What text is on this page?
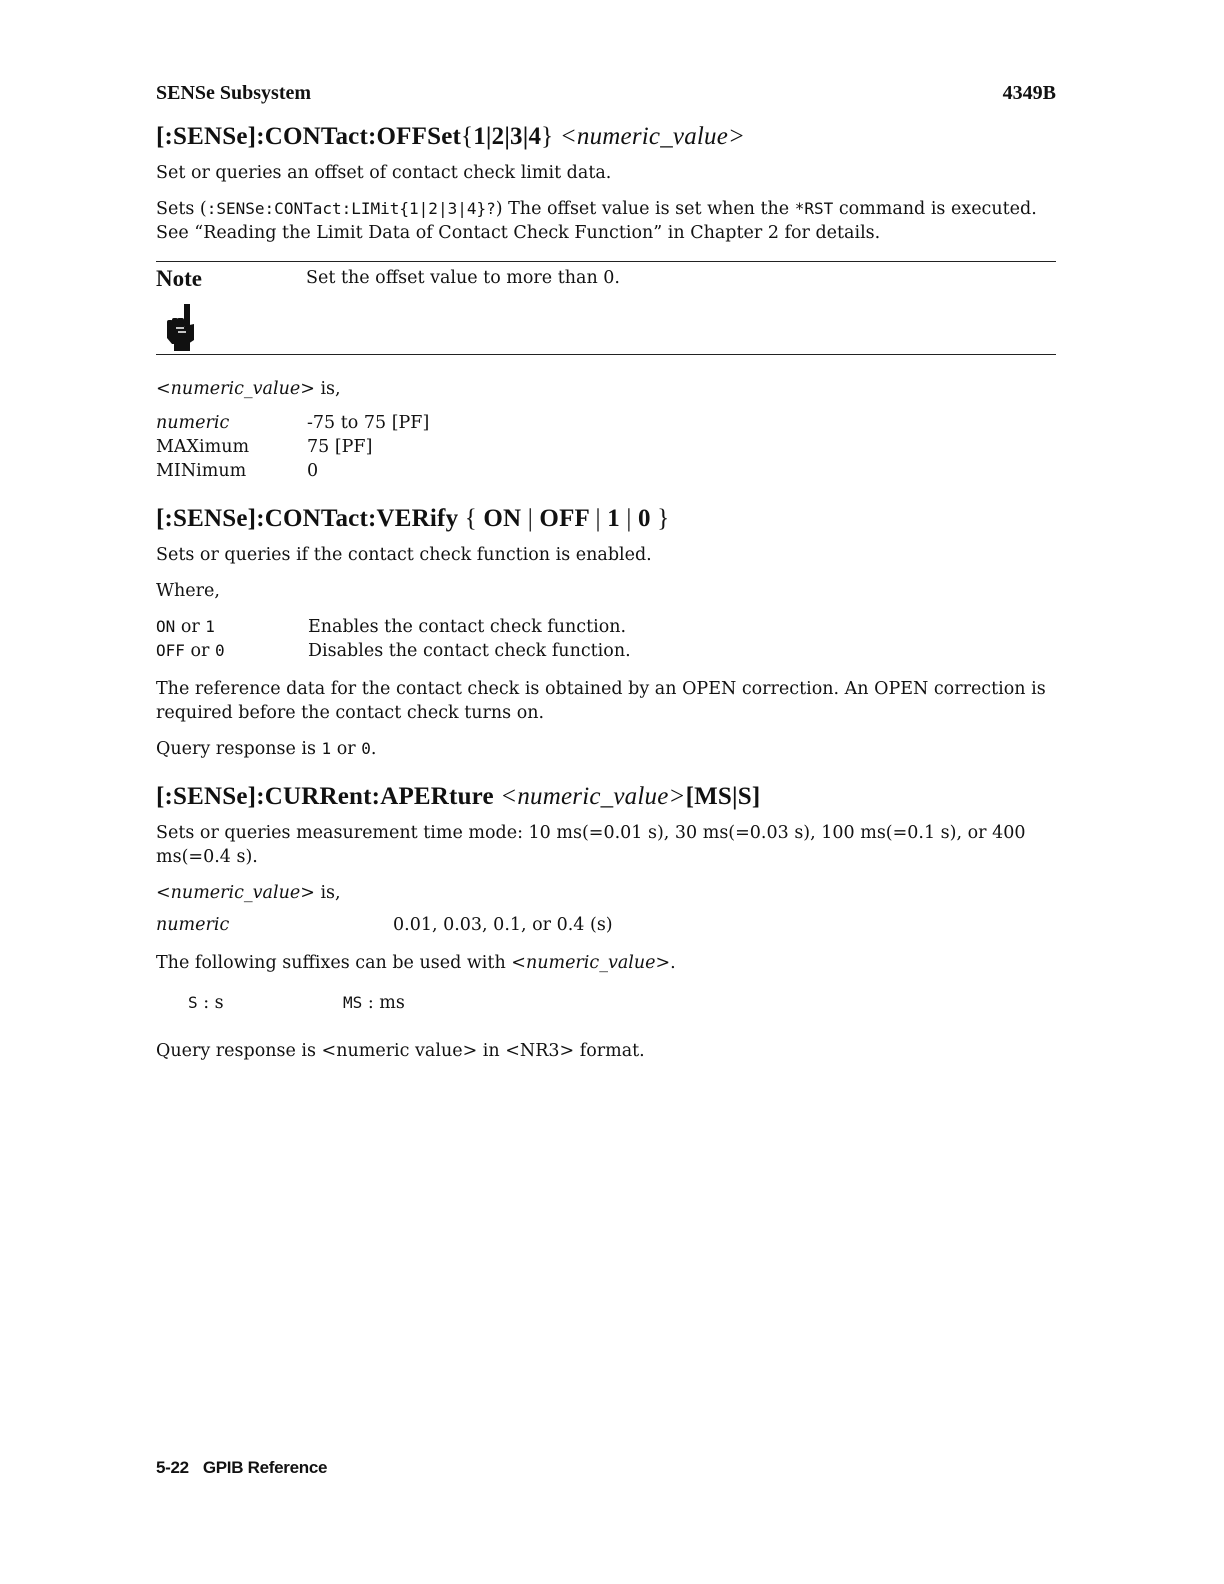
SENSe Subsystem	4349B
[:SENSe]:CONTact:OFFSet{1|2|3|4} <numeric_value>

Set or queries an offset of contact check limit data.

Sets (:SENSe:CONTact:LIMit{1|2|3|4}?) The offset value is set when the *RST command is executed. See “Reading the Limit Data of Contact Check Function” in Chapter 2 for details.

Note	Set the offset value to more than 0.

<numeric_value> is,

numeric	-75 to 75 [PF]
MAXimum	75 [PF]
MINimum	0
[:SENSe]:CONTact:VERify { ON | OFF | 1 | 0 }

Sets or queries if the contact check function is enabled.

Where,

ON or 1	Enables the contact check function.
OFF or 0	Disables the contact check function.

The reference data for the contact check is obtained by an OPEN correction. An OPEN correction is required before the contact check turns on.

Query response is 1 or 0.

[:SENSe]:CURRent:APERture <numeric_value>[MS|S]

Sets or queries measurement time mode: 10 ms(=0.01 s), 30 ms(=0.03 s), 100 ms(=0.1 s), or 400 ms(=0.4 s).

<numeric_value> is,

numeric	0.01, 0.03, 0.1, or 0.4 (s)

The following suffixes can be used with <numeric_value>.

S : s	MS : ms

Query response is <numeric value> in <NR3> format.

5-22 GPIB Reference
